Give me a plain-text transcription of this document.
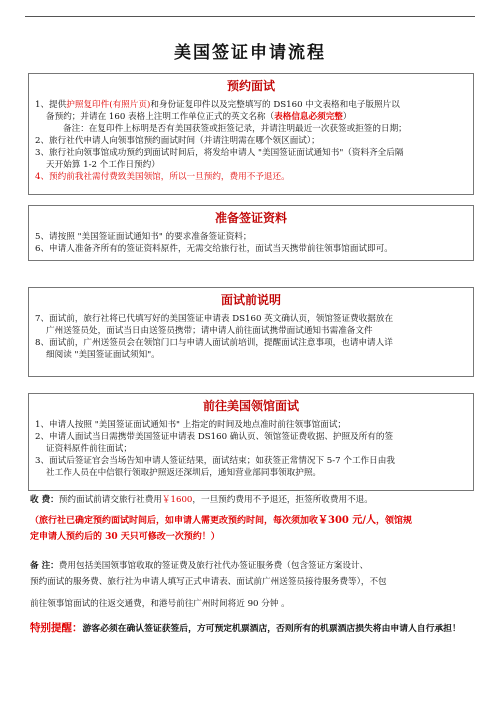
美国签证申请流程
预约面试
1、提供护照复印件(有照片页)和身份证复印件以及完整填写的 DS160 中文表格和电子版照片以
备预约；并请在 160 表格上注明工作单位正式的英文名称（表格信息必须完整）
备注：在复印件上标明是否有美国获签或拒签记录，并请注明最近一次获签或拒签的日期；
2、旅行社代申请人向领事馆预约面试时间（并请注明需在哪个领区面试）；
3、旅行社向领事馆成功预约到面试时间后，将发给申请人 "美国签证面试通知书"（资料齐全后隔
天开始算 1-2 个工作日预约）
4、预约前我社需付费致美国领馆，所以一旦预约，费用不予退还。
准备签证资料
5、请按照 "美国签证面试通知书" 的要求准备签证资料；
6、申请人准备齐所有的签证资料原件，无需交给旅行社，面试当天携带前往领事馆面试即可。
面试前说明
7、面试前，旅行社将已代填写好的美国签证申请表 DS160 英文确认页，领馆签证费收据放在
广州送签员处，面试当日由送签员携带；请申请人前往面试携带面试通知书需准备文件
8、面试前，广州送签员会在领馆门口与申请人面试前培训，提醒面试注意事项，也请申请人详
细阅读 "美国签证面试须知"。
前往美国领馆面试
1、申请人按照 "美国签证面试通知书" 上指定的时间及地点准时前往领事馆面试；
2、申请人面试当日需携带美国签证申请表 DS160 确认页、领馆签证费收据、护照及所有的签
证资料原件前往面试；
3、面试后签证官会当场告知申请人签证结果，面试结束；如获签正常情况下 5-7 个工作日由我
社工作人员在中信银行领取护照返还深圳后，通知营业部同事领取护照。
收 费：预约面试前请交旅行社费用￥1600，一旦预约费用不予退还，拒签所收费用不退。
（旅行社已确定预约面试时间后，如申请人需更改预约时间，每次须加收￥300 元/人，领馆规
定申请人预约后的 30 天只可修改一次预约！）
备 注：费用包括美国领事馆收取的签证费及旅行社代办签证服务费（包含签证方案设计、
预约面试的服务费、旅行社为申请人填写正式申请表、面试前广州送签员接待服务费等），不包
前往领事馆面试的往返交通费，和港号前往广州时间将近 90 分钟 。
特别提醒：游客必须在确认签证获签后，方可预定机票酒店，否则所有的机票酒店损失将由申请人自行承担！
